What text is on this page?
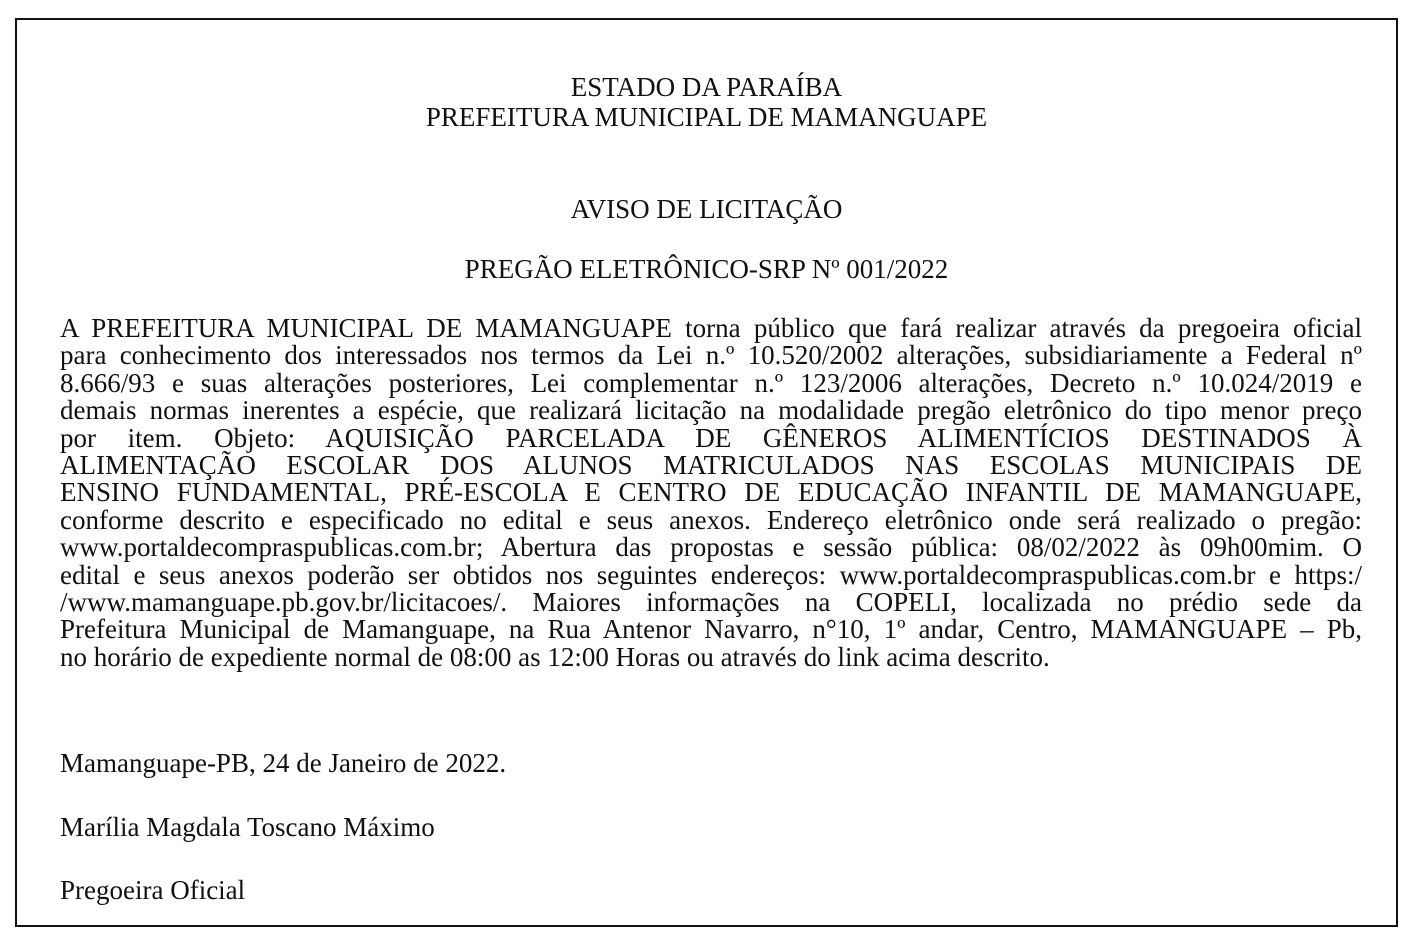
ESTADO DA PARAÍBA
PREFEITURA MUNICIPAL DE MAMANGUAPE
AVISO DE LICITAÇÃO
PREGÃO ELETRÔNICO-SRP Nº 001/2022
A PREFEITURA MUNICIPAL DE MAMANGUAPE torna público que fará realizar através da pregoeira oficial
para conhecimento dos interessados nos termos da Lei n.º 10.520/2002 alterações, subsidiariamente a Federal nº
8.666/93 e suas alterações posteriores, Lei complementar n.º 123/2006 alterações, Decreto n.º 10.024/2019 e
demais normas inerentes a espécie, que realizará licitação na modalidade pregão eletrônico do tipo menor preço
por item. Objeto: AQUISIÇÃO PARCELADA DE GÊNEROS ALIMENTÍCIOS DESTINADOS À
ALIMENTAÇÃO ESCOLAR DOS ALUNOS MATRICULADOS NAS ESCOLAS MUNICIPAIS DE
ENSINO FUNDAMENTAL, PRÉ-ESCOLA E CENTRO DE EDUCAÇÃO INFANTIL DE MAMANGUAPE,
conforme descrito e especificado no edital e seus anexos. Endereço eletrônico onde será realizado o pregão:
www.portaldecompraspublicas.com.br; Abertura das propostas e sessão pública: 08/02/2022 às 09h00mim. O
edital e seus anexos poderão ser obtidos nos seguintes endereços: www.portaldecompraspublicas.com.br e https:/
/www.mamanguape.pb.gov.br/licitacoes/. Maiores informações na COPELI, localizada no prédio sede da
Prefeitura Municipal de Mamanguape, na Rua Antenor Navarro, n°10, 1º andar, Centro, MAMANGUAPE – Pb,
no horário de expediente normal de 08:00 as 12:00 Horas ou através do link acima descrito.
Mamanguape-PB, 24 de Janeiro de 2022.
Marília Magdala Toscano Máximo
Pregoeira Oficial
